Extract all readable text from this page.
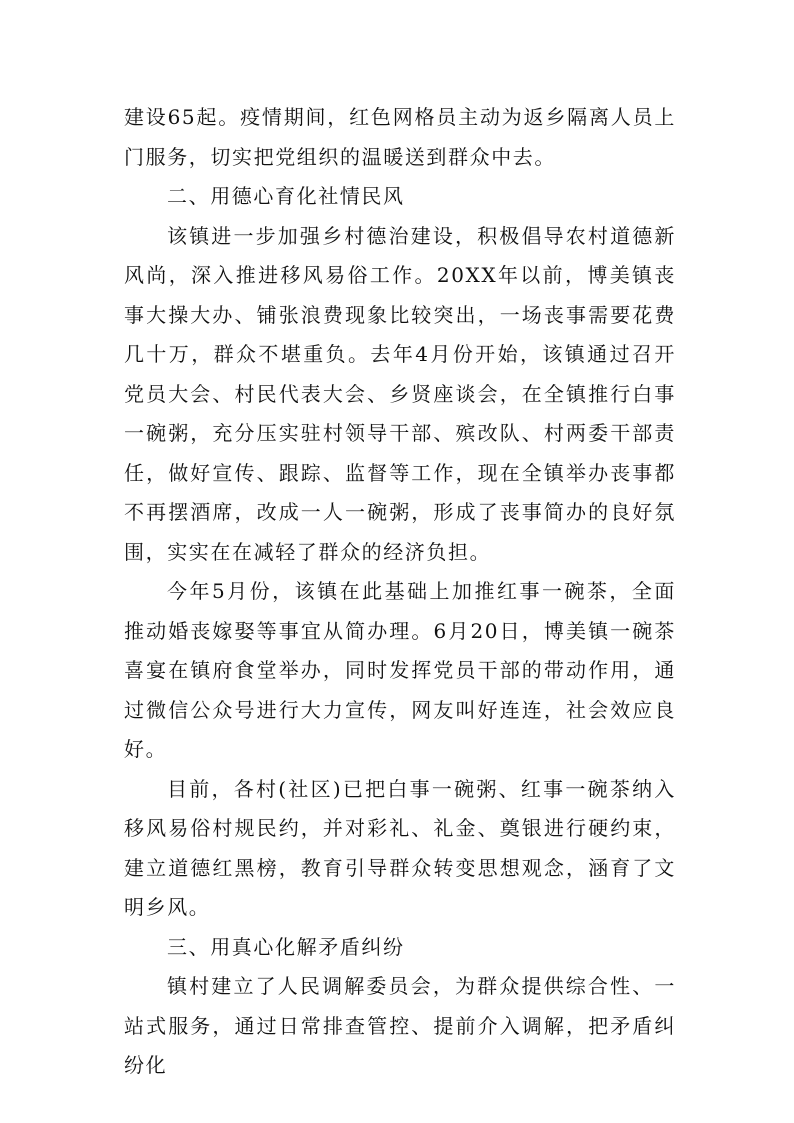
建设65起。疫情期间，红色网格员主动为返乡隔离人员上门服务，切实把党组织的温暖送到群众中去。

二、用德心育化社情民风

该镇进一步加强乡村德治建设，积极倡导农村道德新风尚，深入推进移风易俗工作。20XX年以前，博美镇丧事大操大办、铺张浪费现象比较突出，一场丧事需要花费几十万，群众不堪重负。去年4月份开始，该镇通过召开党员大会、村民代表大会、乡贤座谈会，在全镇推行白事一碗粥，充分压实驻村领导干部、殡改队、村两委干部责任，做好宣传、跟踪、监督等工作，现在全镇举办丧事都不再摆酒席，改成一人一碗粥，形成了丧事简办的良好氛围，实实在在减轻了群众的经济负担。

今年5月份，该镇在此基础上加推红事一碗茶，全面推动婚丧嫁娶等事宜从简办理。6月20日，博美镇一碗茶喜宴在镇府食堂举办，同时发挥党员干部的带动作用，通过微信公众号进行大力宣传，网友叫好连连，社会效应良好。

目前，各村(社区)已把白事一碗粥、红事一碗茶纳入移风易俗村规民约，并对彩礼、礼金、奠银进行硬约束，建立道德红黑榜，教育引导群众转变思想观念，涵育了文明乡风。

三、用真心化解矛盾纠纷

镇村建立了人民调解委员会，为群众提供综合性、一站式服务，通过日常排查管控、提前介入调解，把矛盾纠纷化
